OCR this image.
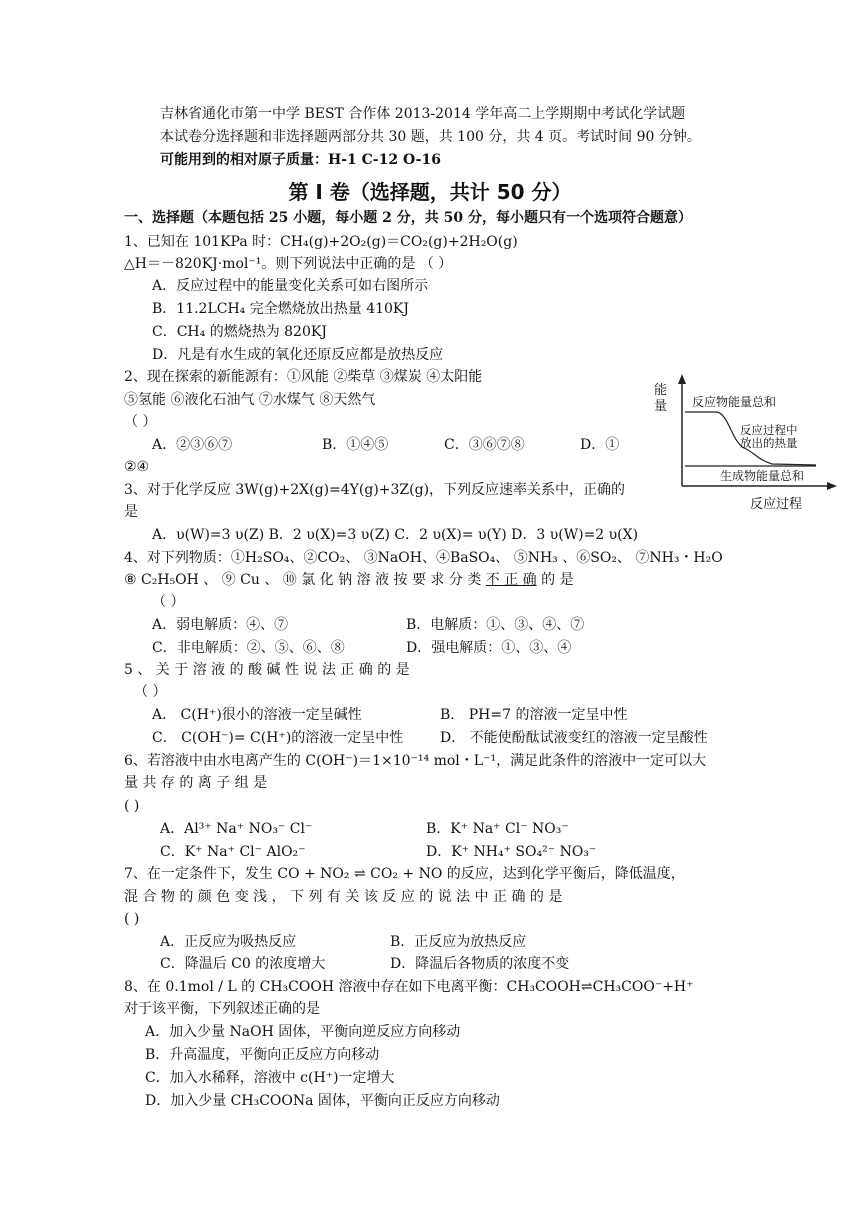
吉林省通化市第一中学 BEST 合作体 2013-2014 学年高二上学期期中考试化学试题
本试卷分选择题和非选择题两部分共 30 题，共 100 分，共 4 页。考试时间 90 分钟。
可能用到的相对原子质量：H-1 C-12 O-16
第 Ⅰ 卷（选择题，共计 50 分）
一、选择题（本题包括 25 小题，每小题 2 分，共 50 分，每小题只有一个选项符合题意）
1、已知在 101KPa 时：CH₄(g)+2O₂(g)＝CO₂(g)+2H₂O(g)
△H＝－820KJ·mol⁻¹。则下列说法中正确的是 （ ）
A．反应过程中的能量变化关系可如右图所示
B．11.2LCH₄ 完全燃烧放出热量 410KJ
C．CH₄ 的燃烧热为 820KJ
D．凡是有水生成的氧化还原反应都是放热反应
2、现在探索的新能源有：①风能 ②柴草 ③煤炭 ④太阳能
⑤氢能 ⑥液化石油气 ⑦水煤气 ⑧天然气
（ ）
A．②③⑥⑦	B．①④⑤	C．③⑥⑦⑧	D．①
②④
3、对于化学反应 3W(g)+2X(g)=4Y(g)+3Z(g)，下列反应速率关系中，正确的
是
A．υ(W)=3 υ(Z) B．2 υ(X)=3 υ(Z) C．2 υ(X)= υ(Y) D．3 υ(W)=2 υ(X)
4、对下列物质：①H₂SO₄、②CO₂、 ③NaOH、④BaSO₄、 ⑤NH₃ 、⑥SO₂、 ⑦NH₃・H₂O
⑧ C₂H₅OH 、 ⑨ Cu 、 ⑩ 氯 化 钠 溶 液 按 要 求 分 类 不 正 确 的 是
（ ）
A．弱电解质：④、⑦	B．电解质：①、③、④、⑦
C．非电解质：②、⑤、⑥、⑧	D．强电解质：①、③、④
5 、 关 于 溶 液 的 酸 碱 性 说 法 正 确 的 是
（ ）
A． C(H⁺)很小的溶液一定呈碱性	B． PH=7 的溶液一定呈中性
C． C(OH⁻)= C(H⁺)的溶液一定呈中性	D． 不能使酚酞试液变红的溶液一定呈酸性
6、若溶液中由水电离产生的 C(OH⁻)＝1×10⁻¹⁴ mol・L⁻¹，满足此条件的溶液中一定可以大
量 共 存 的 离 子 组 是
( )
A．Al³⁺ Na⁺ NO₃⁻ Cl⁻	B．K⁺ Na⁺ Cl⁻ NO₃⁻
C．K⁺ Na⁺ Cl⁻ AlO₂⁻	D．K⁺ NH₄⁺ SO₄²⁻ NO₃⁻
7、在一定条件下，发生 CO + NO₂ ⇌ CO₂ + NO 的反应，达到化学平衡后，降低温度，
混 合 物 的 颜 色 变 浅 ， 下 列 有 关 该 反 应 的 说 法 中 正 确 的 是
( )
A．正反应为吸热反应	B．正反应为放热反应
C．降温后 C0 的浓度增大	D．降温后各物质的浓度不变
8、在 0.1mol / L 的 CH₃COOH 溶液中存在如下电离平衡：CH₃COOH⇌CH₃COO⁻+H⁺
对于该平衡，下列叙述正确的是
A．加入少量 NaOH 固体，平衡向逆反应方向移动
B．升高温度，平衡向正反应方向移动
C．加入水稀释，溶液中 c(H⁺)一定增大
D．加入少量 CH₃COONa 固体，平衡向正反应方向移动
反应物能量总和
反应过程中
放出的热量
生成物能量总和
能量
反应过程
